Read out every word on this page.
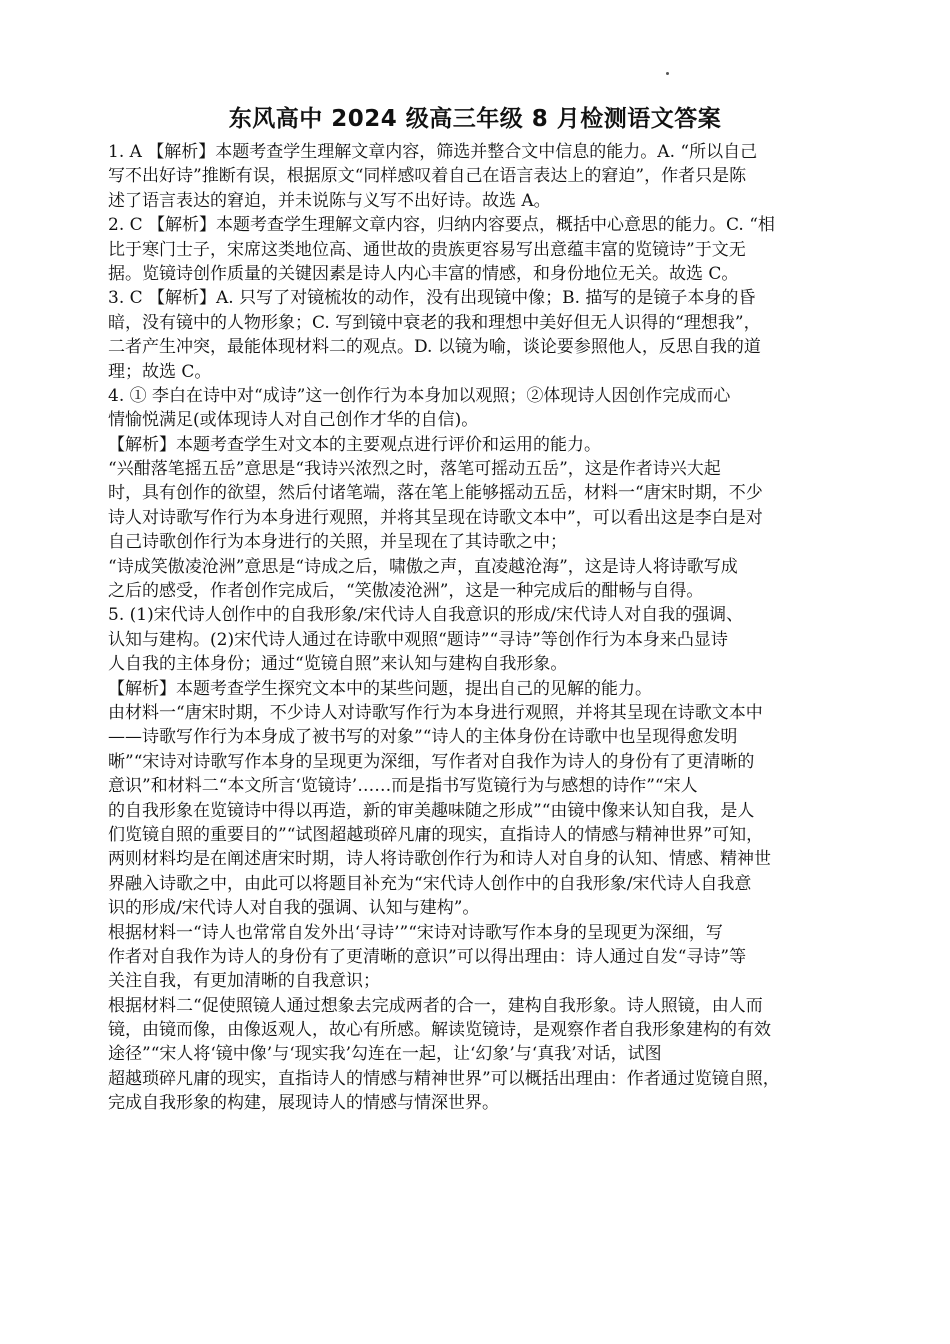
东风高中 2024 级高三年级 8 月检测语文答案
1. A 【解析】本题考查学生理解文章内容，筛选并整合文中信息的能力。A. “所以自己
写不出好诗”推断有误，根据原文“同样感叹着自己在语言表达上的窘迫”，作者只是陈
述了语言表达的窘迫，并未说陈与义写不出好诗。故选 A。
2. C 【解析】本题考查学生理解文章内容，归纳内容要点，概括中心意思的能力。C. “相
比于寒门士子，宋席这类地位高、通世故的贵族更容易写出意蕴丰富的览镜诗”于文无
据。览镜诗创作质量的关键因素是诗人内心丰富的情感，和身份地位无关。故选 C。
3. C 【解析】A. 只写了对镜梳妆的动作，没有出现镜中像；B. 描写的是镜子本身的昏
暗，没有镜中的人物形象；C. 写到镜中衰老的我和理想中美好但无人识得的“理想我”，
二者产生冲突，最能体现材料二的观点。D. 以镜为喻，谈论要参照他人，反思自我的道
理；故选 C。
4. ① 李白在诗中对“成诗”这一创作行为本身加以观照；②体现诗人因创作完成而心
情愉悦满足(或体现诗人对自己创作才华的自信)。
【解析】本题考查学生对文本的主要观点进行评价和运用的能力。
“兴酣落笔摇五岳”意思是“我诗兴浓烈之时，落笔可摇动五岳”，这是作者诗兴大起
时，具有创作的欲望，然后付诸笔端，落在笔上能够摇动五岳，材料一“唐宋时期，不少
诗人对诗歌写作行为本身进行观照，并将其呈现在诗歌文本中”，可以看出这是李白是对
自己诗歌创作行为本身进行的关照，并呈现在了其诗歌之中；
“诗成笑傲凌沧洲”意思是“诗成之后，啸傲之声，直凌越沧海”，这是诗人将诗歌写成
之后的感受，作者创作完成后，“笑傲凌沧洲”，这是一种完成后的酣畅与自得。
5. (1)宋代诗人创作中的自我形象/宋代诗人自我意识的形成/宋代诗人对自我的强调、
认知与建构。(2)宋代诗人通过在诗歌中观照“题诗”“寻诗”等创作行为本身来凸显诗
人自我的主体身份；通过“览镜自照”来认知与建构自我形象。
【解析】本题考查学生探究文本中的某些问题，提出自己的见解的能力。
由材料一“唐宋时期，不少诗人对诗歌写作行为本身进行观照，并将其呈现在诗歌文本中
——诗歌写作行为本身成了被书写的对象”“诗人的主体身份在诗歌中也呈现得愈发明
晰”“宋诗对诗歌写作本身的呈现更为深细，写作者对自我作为诗人的身份有了更清晰的
意识”和材料二“本文所言‘览镜诗’……而是指书写览镜行为与感想的诗作”“宋人
的自我形象在览镜诗中得以再造，新的审美趣味随之形成”“由镜中像来认知自我，是人
们览镜自照的重要目的”“试图超越琐碎凡庸的现实，直指诗人的情感与精神世界”可知，
两则材料均是在阐述唐宋时期，诗人将诗歌创作行为和诗人对自身的认知、情感、精神世
界融入诗歌之中，由此可以将题目补充为“宋代诗人创作中的自我形象/宋代诗人自我意
识的形成/宋代诗人对自我的强调、认知与建构”。
根据材料一“诗人也常常自发外出‘寻诗’”“宋诗对诗歌写作本身的呈现更为深细，写
作者对自我作为诗人的身份有了更清晰的意识”可以得出理由：诗人通过自发“寻诗”等
关注自我，有更加清晰的自我意识；
根据材料二“促使照镜人通过想象去完成两者的合一，建构自我形象。诗人照镜，由人而
镜，由镜而像，由像返观人，故心有所感。解读览镜诗，是观察作者自我形象建构的有效
途径”“宋人将‘镜中像’与‘现实我’勾连在一起，让‘幻象’与‘真我’对话，试图
超越琐碎凡庸的现实，直指诗人的情感与精神世界”可以概括出理由：作者通过览镜自照，
完成自我形象的构建，展现诗人的情感与情深世界。
